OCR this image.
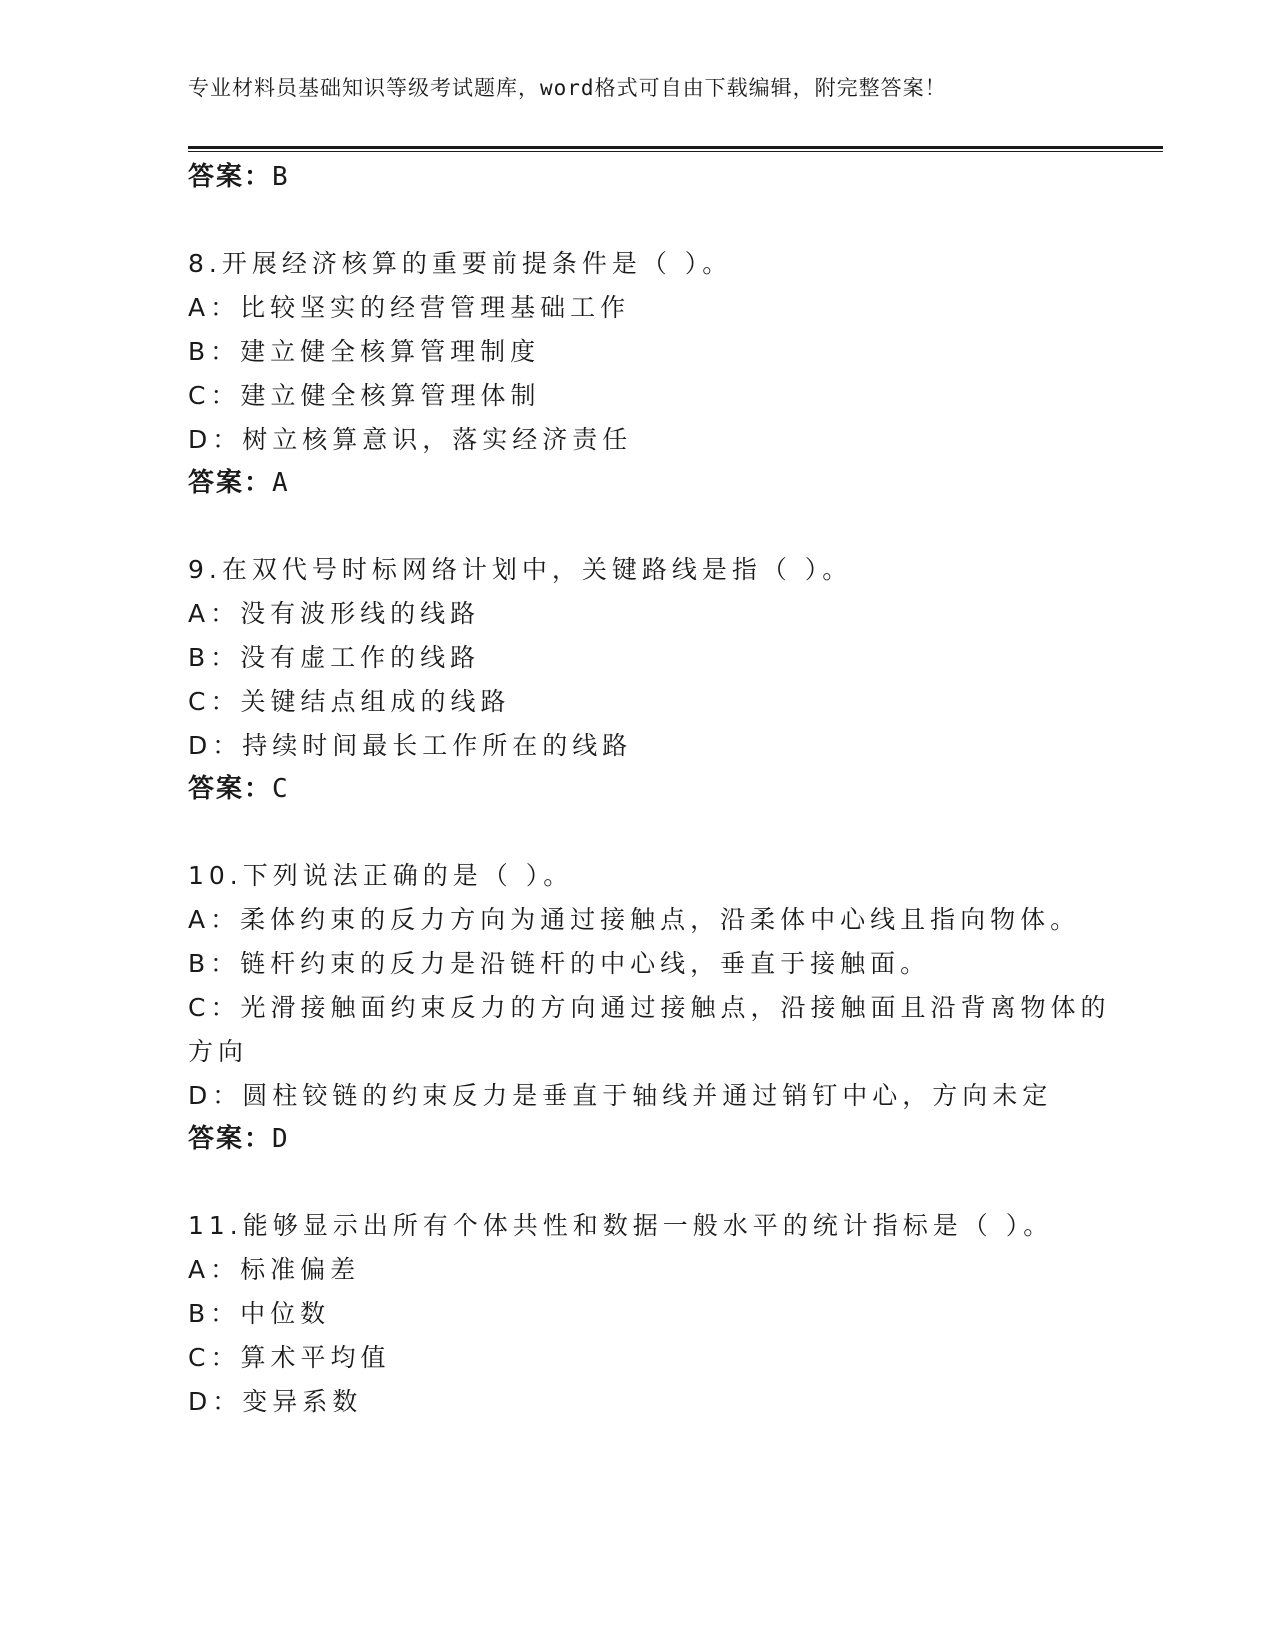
专业材料员基础知识等级考试题库，word格式可自由下载编辑，附完整答案！
答案：B
8.开展经济核算的重要前提条件是（ ）。
A：比较坚实的经营管理基础工作
B：建立健全核算管理制度
C：建立健全核算管理体制
D：树立核算意识，落实经济责任
答案：A
9.在双代号时标网络计划中，关键路线是指（ ）。
A：没有波形线的线路
B：没有虚工作的线路
C：关键结点组成的线路
D：持续时间最长工作所在的线路
答案：C
10.下列说法正确的是（ ）。
A：柔体约束的反力方向为通过接触点，沿柔体中心线且指向物体。
B：链杆约束的反力是沿链杆的中心线，垂直于接触面。
C：光滑接触面约束反力的方向通过接触点，沿接触面且沿背离物体的
方向
D：圆柱铰链的约束反力是垂直于轴线并通过销钉中心，方向未定
答案：D
11.能够显示出所有个体共性和数据一般水平的统计指标是（ ）。
A：标准偏差
B：中位数
C：算术平均值
D：变异系数
